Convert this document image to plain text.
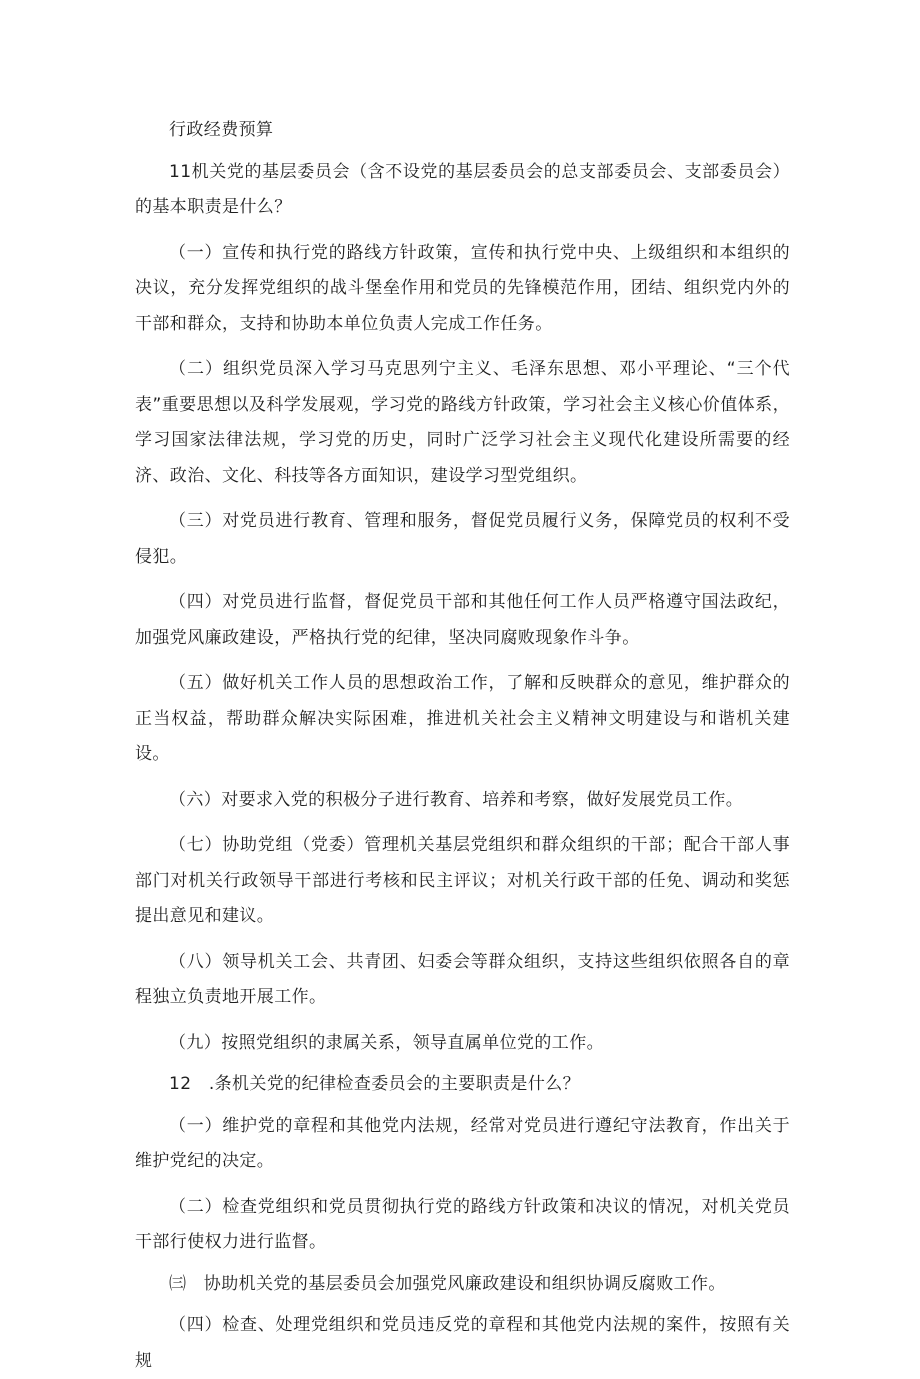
行政经费预算

11机关党的基层委员会（含不设党的基层委员会的总支部委员会、支部委员会）的基本职责是什么？

（一）宣传和执行党的路线方针政策，宣传和执行党中央、上级组织和本组织的决议，充分发挥党组织的战斗堡垒作用和党员的先锋模范作用，团结、组织党内外的干部和群众，支持和协助本单位负责人完成工作任务。

（二）组织党员深入学习马克思列宁主义、毛泽东思想、邓小平理论、“三个代表”重要思想以及科学发展观，学习党的路线方针政策，学习社会主义核心价值体系，学习国家法律法规，学习党的历史，同时广泛学习社会主义现代化建设所需要的经济、政治、文化、科技等各方面知识，建设学习型党组织。

（三）对党员进行教育、管理和服务，督促党员履行义务，保障党员的权利不受侵犯。

（四）对党员进行监督，督促党员干部和其他任何工作人员严格遵守国法政纪，加强党风廉政建设，严格执行党的纪律，坚决同腐败现象作斗争。

（五）做好机关工作人员的思想政治工作，了解和反映群众的意见，维护群众的正当权益，帮助群众解决实际困难，推进机关社会主义精神文明建设与和谐机关建设。

（六）对要求入党的积极分子进行教育、培养和考察，做好发展党员工作。

（七）协助党组（党委）管理机关基层党组织和群众组织的干部；配合干部人事部门对机关行政领导干部进行考核和民主评议；对机关行政干部的任免、调动和奖惩提出意见和建议。

（八）领导机关工会、共青团、妇委会等群众组织，支持这些组织依照各自的章程独立负责地开展工作。

（九）按照党组织的隶属关系，领导直属单位党的工作。

12　.条机关党的纪律检查委员会的主要职责是什么？

（一）维护党的章程和其他党内法规，经常对党员进行遵纪守法教育，作出关于维护党纪的决定。

（二）检查党组织和党员贯彻执行党的路线方针政策和决议的情况，对机关党员干部行使权力进行监督。

㈢　协助机关党的基层委员会加强党风廉政建设和组织协调反腐败工作。

（四）检查、处理党组织和党员违反党的章程和其他党内法规的案件，按照有关规
